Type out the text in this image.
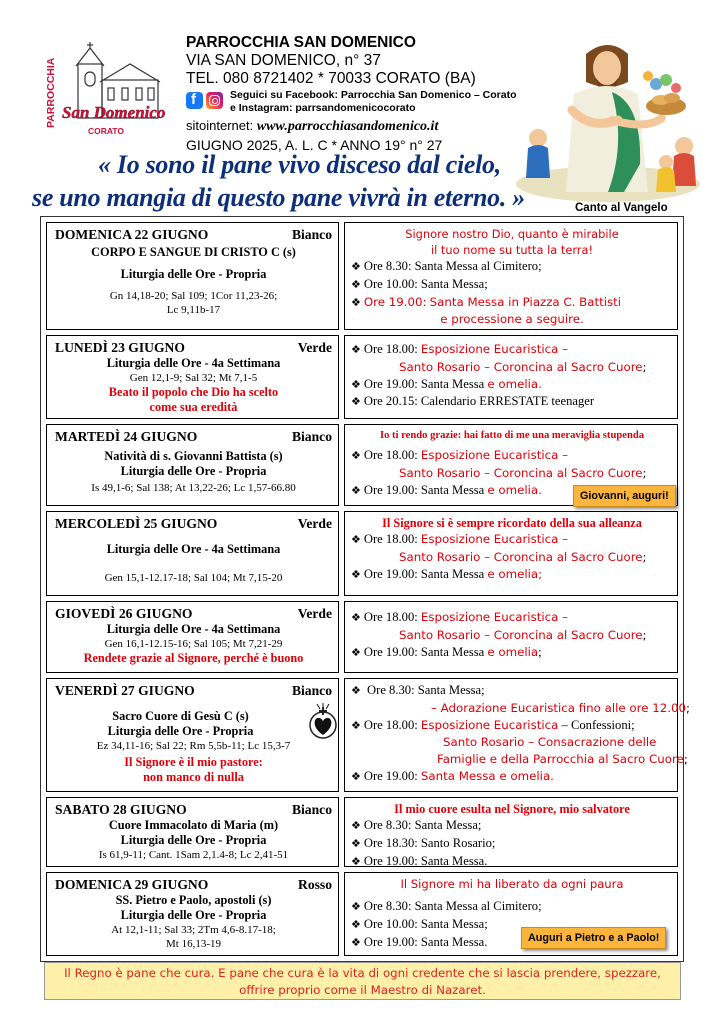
PARROCCHIA San Domenico
CORATO
PARROCCHIA SAN DOMENICO
VIA SAN DOMENICO, n° 37
TEL. 080 8721402 * 70033 CORATO (BA)
f	Seguici su Facebook: Parrocchia San Domenico – Corato
e Instagram: parrsandomenicocorato
sitointernet: www.parrocchiasandomenico.it
GIUGNO 2025, A. L. C * ANNO 19° n° 27
« Io sono il pane vivo disceso dal cielo,
se uno mangia di questo pane vivrà in eterno. »	Canto al Vangelo
DOMENICA 22 GIUGNO	Bianco
CORPO E SANGUE DI CRISTO C (s)
Liturgia delle Ore - Propria
Gn 14,18-20; Sal 109; 1Cor 11,23-26;
Lc 9,11b-17
Signore nostro Dio, quanto è mirabile
il tuo nome su tutta la terra!
❖ Ore 8.30: Santa Messa al Cimitero;
❖ Ore 10.00: Santa Messa;
❖ Ore 19.00: Santa Messa in Piazza C. Battisti
e processione a seguire.
LUNEDÌ 23 GIUGNO	Verde
Liturgia delle Ore - 4a Settimana
Gen 12,1-9; Sal 32; Mt 7,1-5
Beato il popolo che Dio ha scelto
come sua eredità
❖ Ore 18.00: Esposizione Eucaristica –
Santo Rosario – Coroncina al Sacro Cuore;
❖ Ore 19.00: Santa Messa e omelia.
❖ Ore 20.15: Calendario ERRESTATE teenager
MARTEDÌ 24 GIUGNO	Bianco
Natività di s. Giovanni Battista (s)
Liturgia delle Ore - Propria
Is 49,1-6; Sal 138; At 13,22-26; Lc 1,57-66.80
Io ti rendo grazie: hai fatto di me una meraviglia stupenda
❖ Ore 18.00: Esposizione Eucaristica –
Santo Rosario – Coroncina al Sacro Cuore;
❖ Ore 19.00: Santa Messa e omelia.	Giovanni, auguri!
MERCOLEDÌ 25 GIUGNO	Verde
Liturgia delle Ore - 4a Settimana
Gen 15,1-12.17-18; Sal 104; Mt 7,15-20
Il Signore si è sempre ricordato della sua alleanza
❖ Ore 18.00: Esposizione Eucaristica –
Santo Rosario – Coroncina al Sacro Cuore;
❖ Ore 19.00: Santa Messa e omelia;
GIOVEDÌ 26 GIUGNO	Verde
Liturgia delle Ore - 4a Settimana
Gen 16,1-12.15-16; Sal 105; Mt 7,21-29
Rendete grazie al Signore, perché è buono
❖ Ore 18.00: Esposizione Eucaristica –
Santo Rosario – Coroncina al Sacro Cuore;
❖ Ore 19.00: Santa Messa e omelia;
VENERDÌ 27 GIUGNO	Bianco
Sacro Cuore di Gesù C (s)
Liturgia delle Ore - Propria
Ez 34,11-16; Sal 22; Rm 5,5b-11; Lc 15,3-7
Il Signore è il mio pastore:
non manco di nulla
❖ Ore 8.30: Santa Messa;
– Adorazione Eucaristica fino alle ore 12.00;
❖ Ore 18.00: Esposizione Eucaristica – Confessioni;
Santo Rosario – Consacrazione delle
Famiglie e della Parrocchia al Sacro Cuore;
❖ Ore 19.00: Santa Messa e omelia.
SABATO 28 GIUGNO	Bianco
Cuore Immacolato di Maria (m)
Liturgia delle Ore - Propria
Is 61,9-11; Cant. 1Sam 2,1.4-8; Lc 2,41-51
Il mio cuore esulta nel Signore, mio salvatore
❖ Ore 8.30: Santa Messa;
❖ Ore 18.30: Santo Rosario;
❖ Ore 19.00: Santa Messa.
DOMENICA 29 GIUGNO	Rosso
SS. Pietro e Paolo, apostoli (s)
Liturgia delle Ore - Propria
At 12,1-11; Sal 33; 2Tm 4,6-8.17-18;
Mt 16,13-19
Il Signore mi ha liberato da ogni paura
❖ Ore 8.30: Santa Messa al Cimitero;
❖ Ore 10.00: Santa Messa;
❖ Ore 19.00: Santa Messa.	Auguri a Pietro e a Paolo!
Il Regno è pane che cura. E pane che cura è la vita di ogni credente che si lascia prendere, spezzare,
offrire proprio come il Maestro di Nazaret.
